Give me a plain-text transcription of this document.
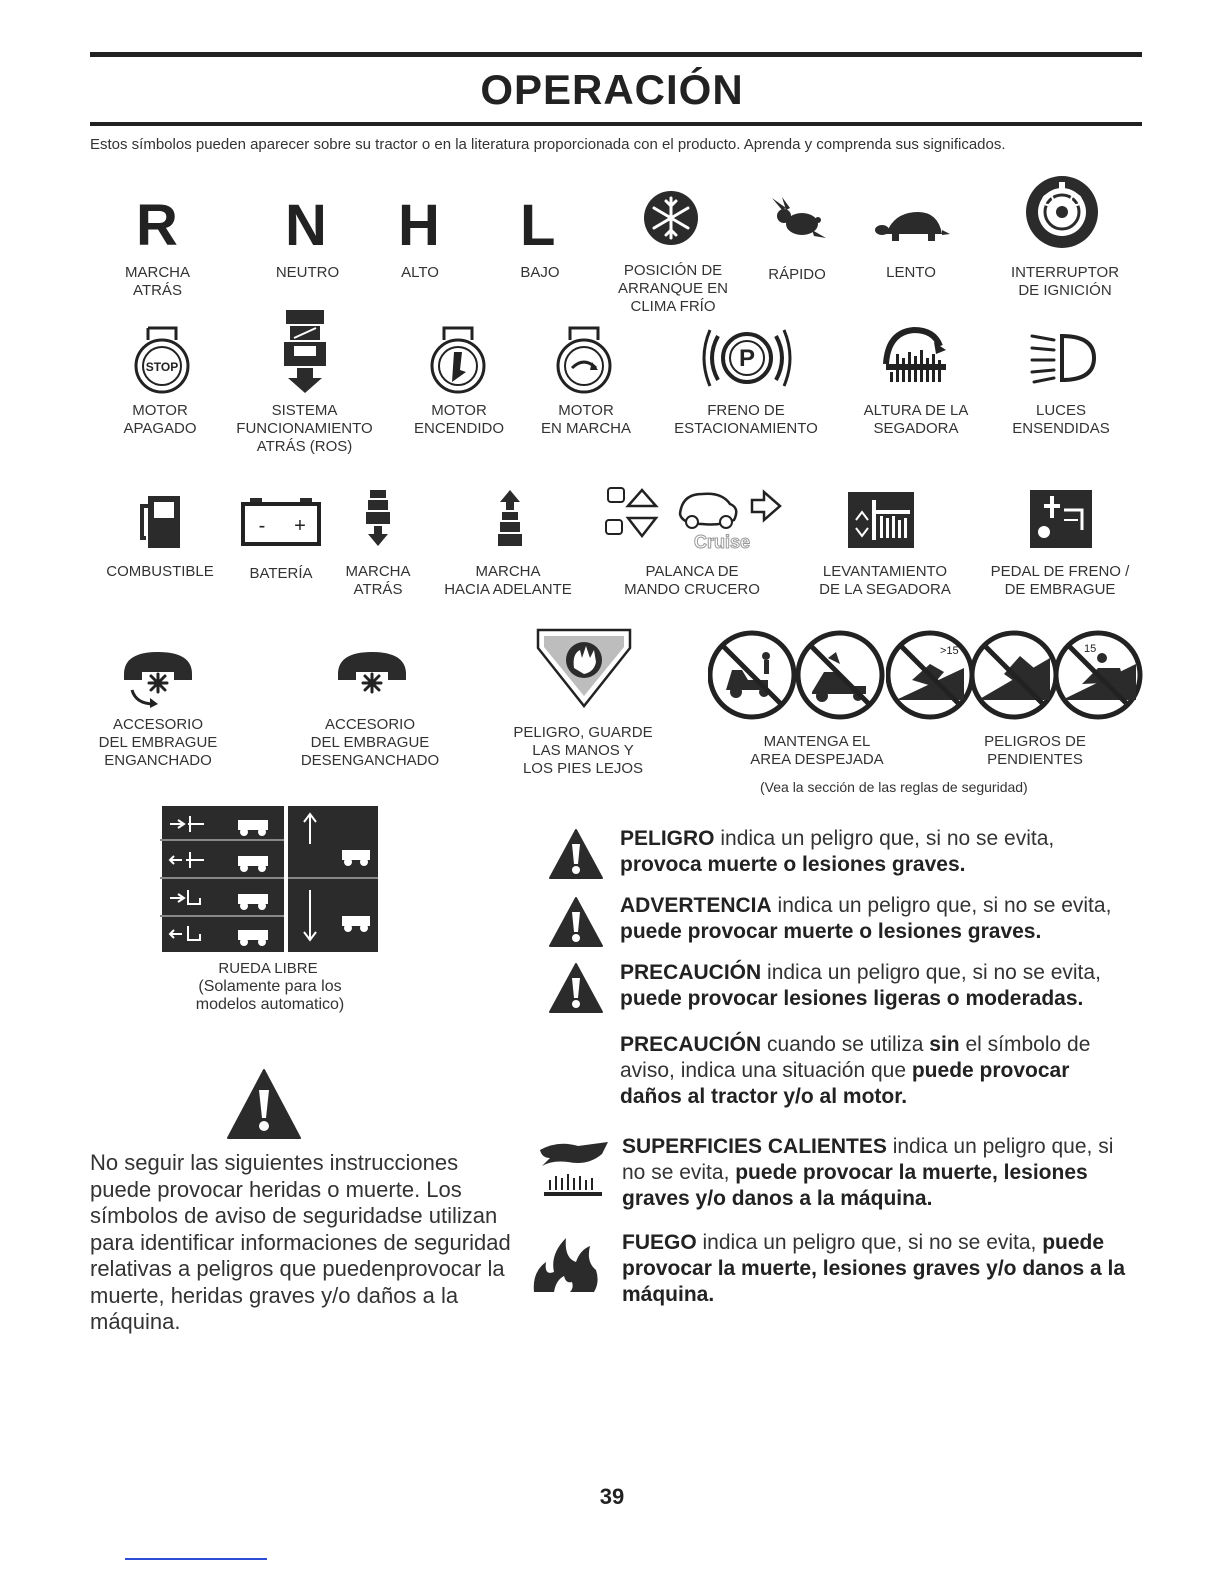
OPERACIÓN
Estos símbolos pueden aparecer sobre su tractor o en la literatura proporcionada con el producto. Aprenda y comprenda sus significados.
R
MARCHA
ATRÁS
N
NEUTRO
H
ALTO
L
BAJO	POSICIÓN DE
ARRANQUE EN
CLIMA FRÍO
RÁPIDO	LENTO	INTERRUPTOR
DE IGNICIÓN
STOP
MOTOR
APAGADO
SISTEMA
FUNCIONAMIENTO
ATRÁS (ROS)
MOTOR
ENCENDIDO
MOTOR
EN MARCHA
P
FRENO DE
ESTACIONAMIENTO
ALTURA DE LA
SEGADORA
LUCES
ENSENDIDAS
COMBUSTIBLE
- +
BATERÍA	MARCHA
ATRÁS
MARCHA
HACIA ADELANTE
Cruise
PALANCA DE
MANDO CRUCERO
LEVANTAMIENTO
DE LA SEGADORA
PEDAL DE FRENO /
DE EMBRAGUE
ACCESORIO
DEL EMBRAGUE
ENGANCHADO
ACCESORIO
DEL EMBRAGUE
DESENGANCHADO
PELIGRO, GUARDE
LAS MANOS Y
LOS PIES LEJOS
MANTENGA EL
AREA DESPEJADA
>15	15
PELIGROS DE
PENDIENTES
(Vea la sección de las reglas de seguridad)
RUEDA LIBRE
(Solamente para los
modelos automatico)
No seguir las siguientes instrucciones puede provocar heridas o muerte. Los símbolos de aviso de seguridadse utilizan para identificar informaciones de seguridad relativas a peligros que puedenprovocar la muerte, heridas graves y/o daños a la máquina.
PELIGRO indica un peligro que, si no se evita, provoca muerte o lesiones graves.
ADVERTENCIA indica un peligro que, si no se evita, puede provocar muerte o lesiones graves.
PRECAUCIÓN indica un peligro que, si no se evita, puede provocar lesiones ligeras o moderadas.
PRECAUCIÓN cuando se utiliza sin el símbolo de aviso, indica una situación que puede provocar daños al tractor y/o al motor.
SUPERFICIES CALIENTES indica un peligro que, si no se evita, puede provocar la muerte, lesiones graves y/o danos a la máquina.
FUEGO indica un peligro que, si no se evita, puede provocar la muerte, lesiones graves y/o danos a la máquina.
39
